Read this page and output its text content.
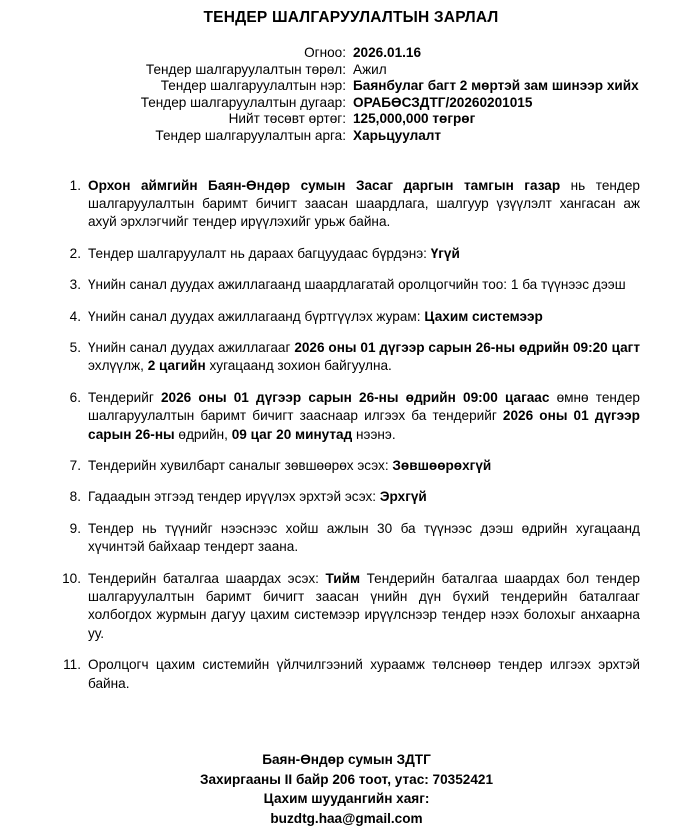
ТЕНДЕР ШАЛГАРУУЛАЛТЫН ЗАРЛАЛ
Огноо: 2026.01.16
Тендер шалгаруулалтын төрөл: Ажил
Тендер шалгаруулалтын нэр: Баянбулаг багт 2 мөртэй зам шинээр хийх
Тендер шалгаруулалтын дугаар: ОРАБӨСЗДТГ/20260201015
Нийт төсөвт өртөг: 125,000,000 төгрөг
Тендер шалгаруулалтын арга: Харьцуулалт
1. Орхон аймгийн Баян-Өндөр сумын Засаг даргын тамгын газар нь тендер шалгаруулалтын баримт бичигт заасан шаардлага, шалгуур үзүүлэлт хангасан аж ахуй эрхлэгчийг тендер ирүүлэхийг урьж байна.
2. Тендер шалгаруулалт нь дараах багцуудаас бүрдэнэ: Үгүй
3. Үнийн санал дуудах ажиллагаанд шаардлагатай оролцогчийн тоо: 1 ба түүнээс дээш
4. Үнийн санал дуудах ажиллагаанд бүртгүүлэх журам: Цахим системээр
5. Үнийн санал дуудах ажиллагааг 2026 оны 01 дүгээр сарын 26-ны өдрийн 09:20 цагт эхлүүлж, 2 цагийн хугацаанд зохион байгуулна.
6. Тендерийг 2026 оны 01 дүгээр сарын 26-ны өдрийн 09:00 цагаас өмнө тендер шалгаруулалтын баримт бичигт зааснаар илгээх ба тендерийг 2026 оны 01 дүгээр сарын 26-ны өдрийн, 09 цаг 20 минутад нээнэ.
7. Тендерийн хувилбарт саналыг зөвшөөрөх эсэх: Зөвшөөрөхгүй
8. Гадаадын этгээд тендер ирүүлэх эрхтэй эсэх: Эрхгүй
9. Тендер нь түүнийг нээснээс хойш ажлын 30 ба түүнээс дээш өдрийн хугацаанд хүчинтэй байхаар тендерт заана.
10. Тендерийн баталгаа шаардах эсэх: Тийм Тендерийн баталгаа шаардах бол тендер шалгаруулалтын баримт бичигт заасан үнийн дүн бүхий тендерийн баталгааг холбогдох журмын дагуу цахим системээр ирүүлснээр тендер нээх болохыг анхаарна уу.
11. Оролцогч цахим системийн үйлчилгээний хураамж төлснөөр тендер илгээх эрхтэй байна.
Баян-Өндөр сумын ЗДТГ
Захиргааны II байр 206 тоот, утас: 70352421
Цахим шуудангийн хаяг:
buzdtg.haa@gmail.com
